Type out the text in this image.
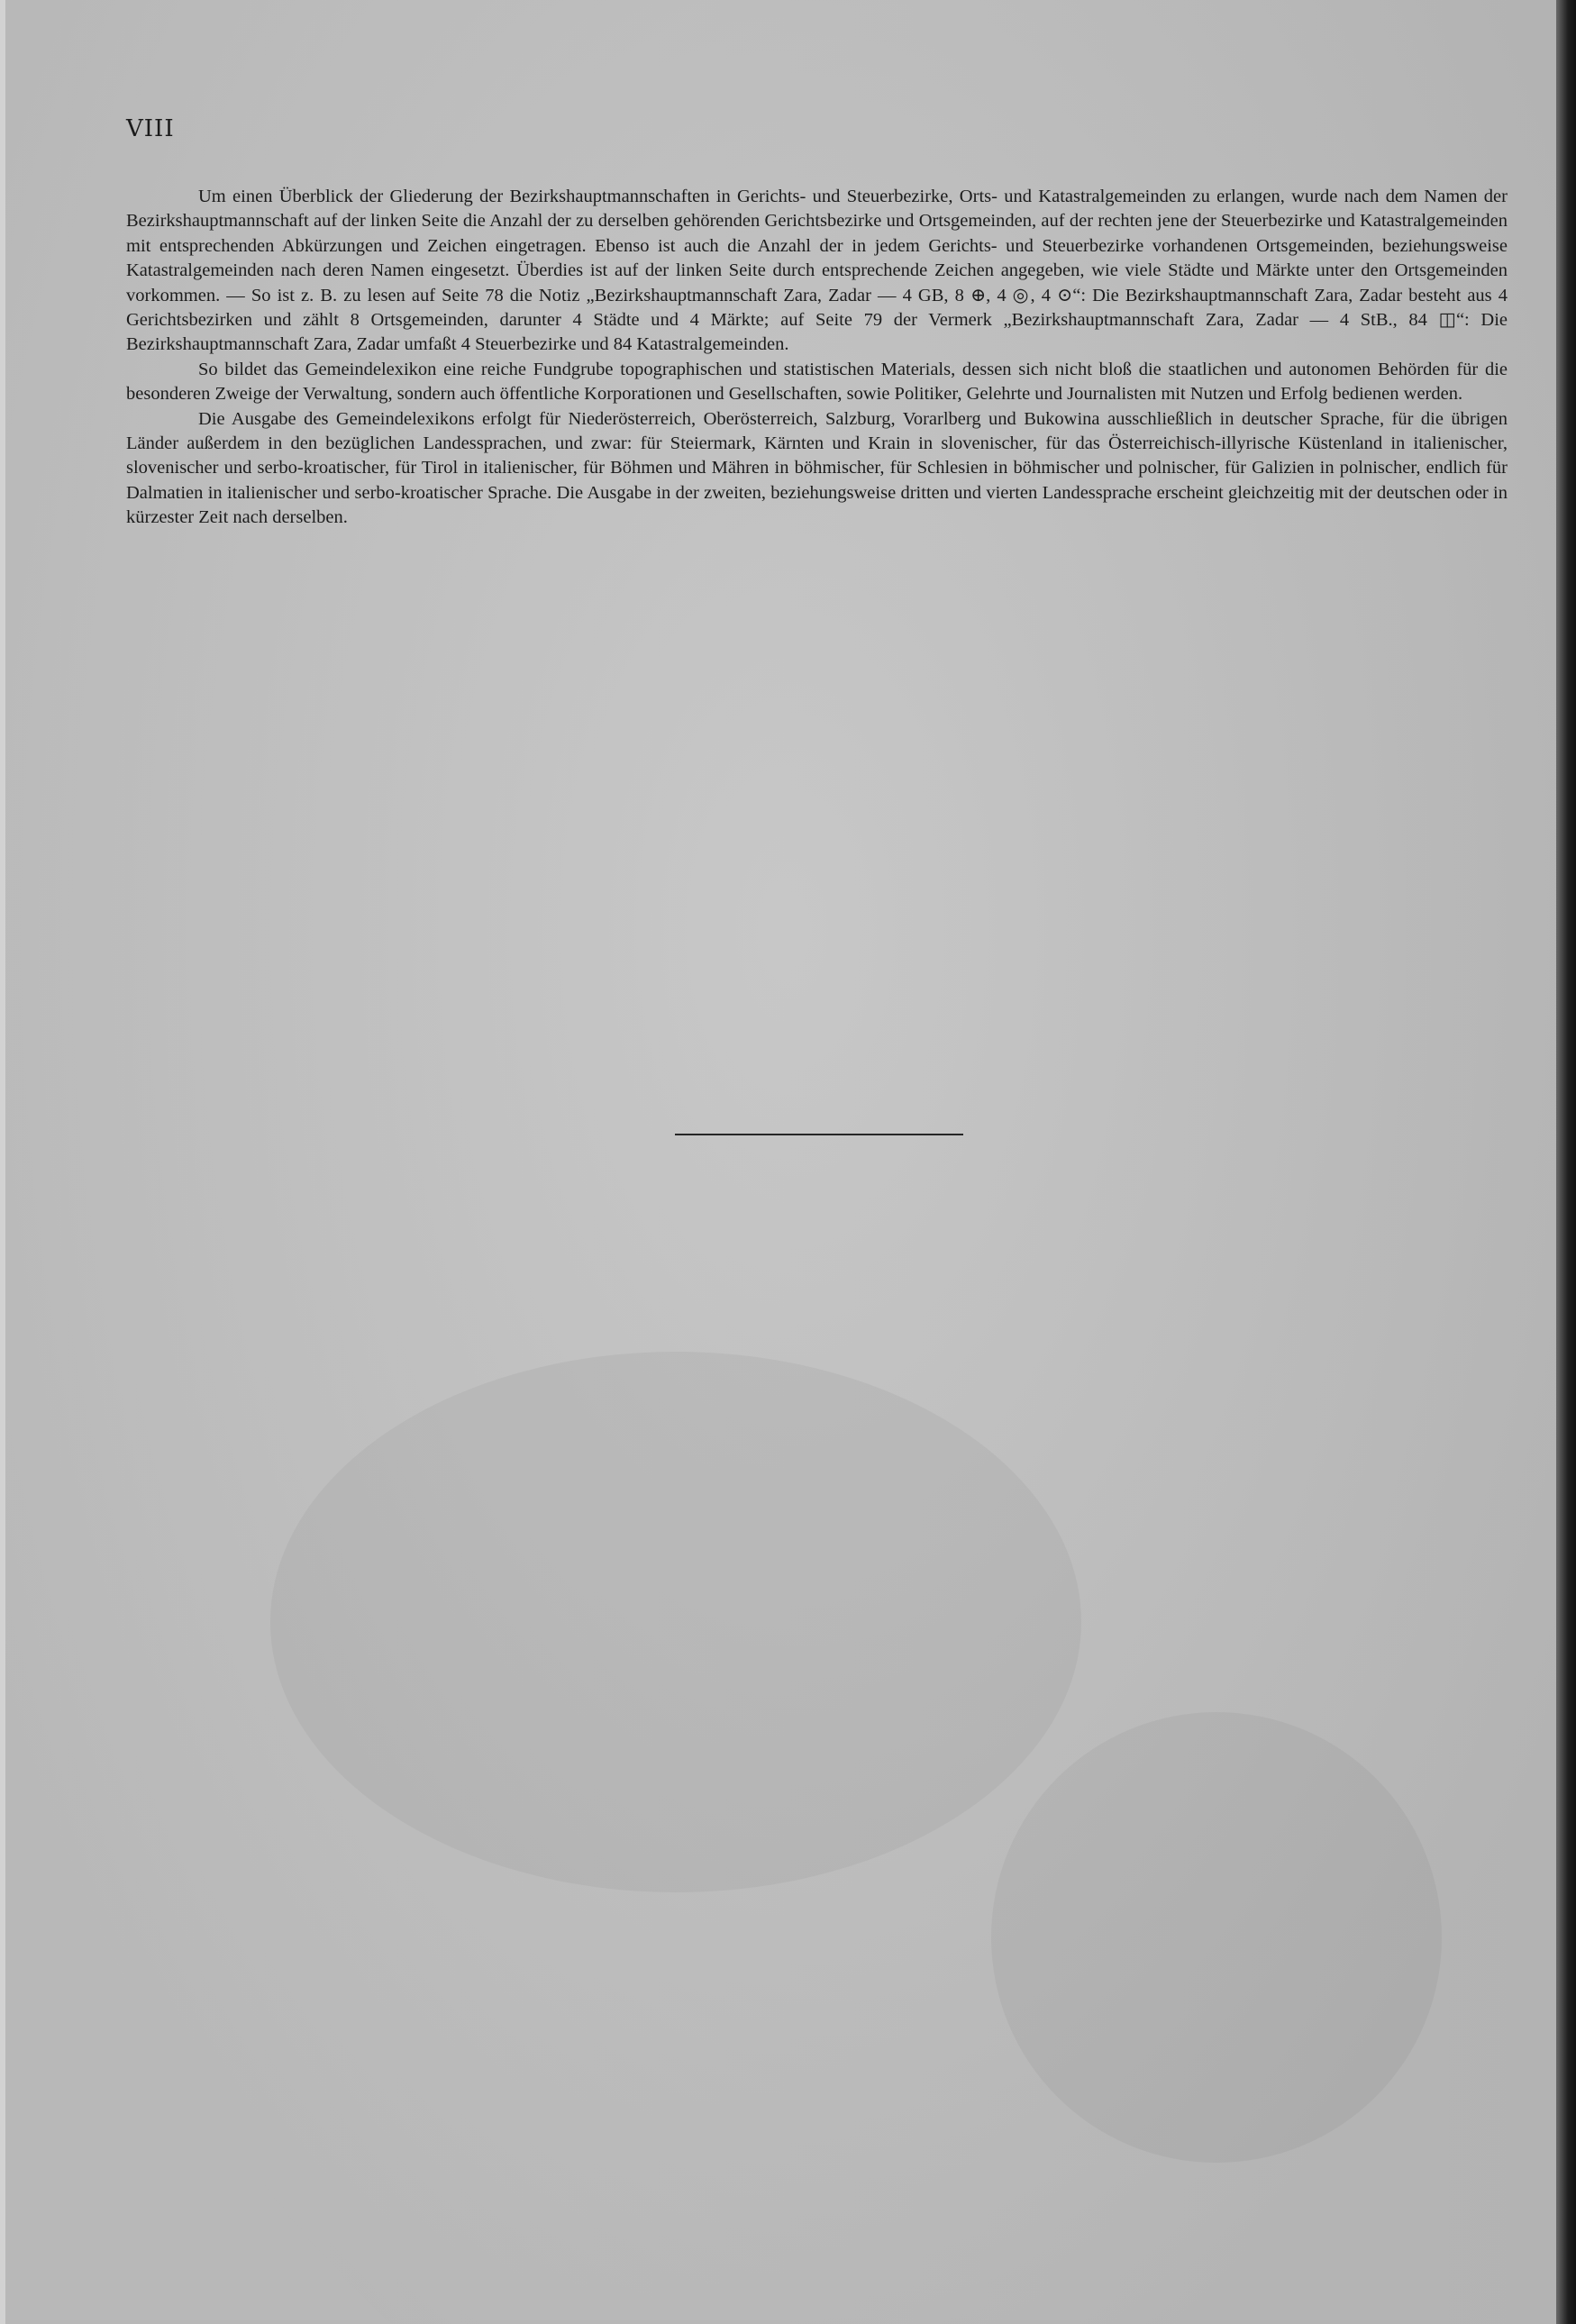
VIII

Um einen Überblick der Gliederung der Bezirkshauptmannschaften in Gerichts- und Steuerbezirke, Orts- und Katastralgemeinden zu erlangen, wurde nach dem Namen der Bezirkshauptmannschaft auf der linken Seite die Anzahl der zu derselben gehörenden Gerichtsbezirke und Ortsgemeinden, auf der rechten jene der Steuerbezirke und Katastralgemeinden mit entsprechenden Abkürzungen und Zeichen eingetragen. Ebenso ist auch die Anzahl der in jedem Gerichts- und Steuerbezirke vorhandenen Ortsgemeinden, beziehungsweise Katastralgemeinden nach deren Namen eingesetzt. Überdies ist auf der linken Seite durch entsprechende Zeichen angegeben, wie viele Städte und Märkte unter den Ortsgemeinden vorkommen. — So ist z. B. zu lesen auf Seite 78 die Notiz „Bezirkshauptmannschaft Zara, Zadar — 4 GB, 8 ⊕, 4 ◎, 4 ⊙“: Die Bezirkshauptmannschaft Zara, Zadar besteht aus 4 Gerichtsbezirken und zählt 8 Ortsgemeinden, darunter 4 Städte und 4 Märkte; auf Seite 79 der Vermerk „Bezirkshauptmannschaft Zara, Zadar — 4 StB., 84 ◫“: Die Bezirkshauptmannschaft Zara, Zadar umfaßt 4 Steuerbezirke und 84 Katastralgemeinden.

So bildet das Gemeindelexikon eine reiche Fundgrube topographischen und statistischen Materials, dessen sich nicht bloß die staatlichen und autonomen Behörden für die besonderen Zweige der Verwaltung, sondern auch öffentliche Korporationen und Gesellschaften, sowie Politiker, Gelehrte und Journalisten mit Nutzen und Erfolg bedienen werden.

Die Ausgabe des Gemeindelexikons erfolgt für Niederösterreich, Oberösterreich, Salzburg, Vorarlberg und Bukowina ausschließlich in deutscher Sprache, für die übrigen Länder außerdem in den bezüglichen Landessprachen, und zwar: für Steiermark, Kärnten und Krain in slovenischer, für das Österreichisch-illyrische Küstenland in italienischer, slovenischer und serbo-kroatischer, für Tirol in italienischer, für Böhmen und Mähren in böhmischer, für Schlesien in böhmischer und polnischer, für Galizien in polnischer, endlich für Dalmatien in italienischer und serbo-kroatischer Sprache. Die Ausgabe in der zweiten, beziehungsweise dritten und vierten Landessprache erscheint gleichzeitig mit der deutschen oder in kürzester Zeit nach derselben.
